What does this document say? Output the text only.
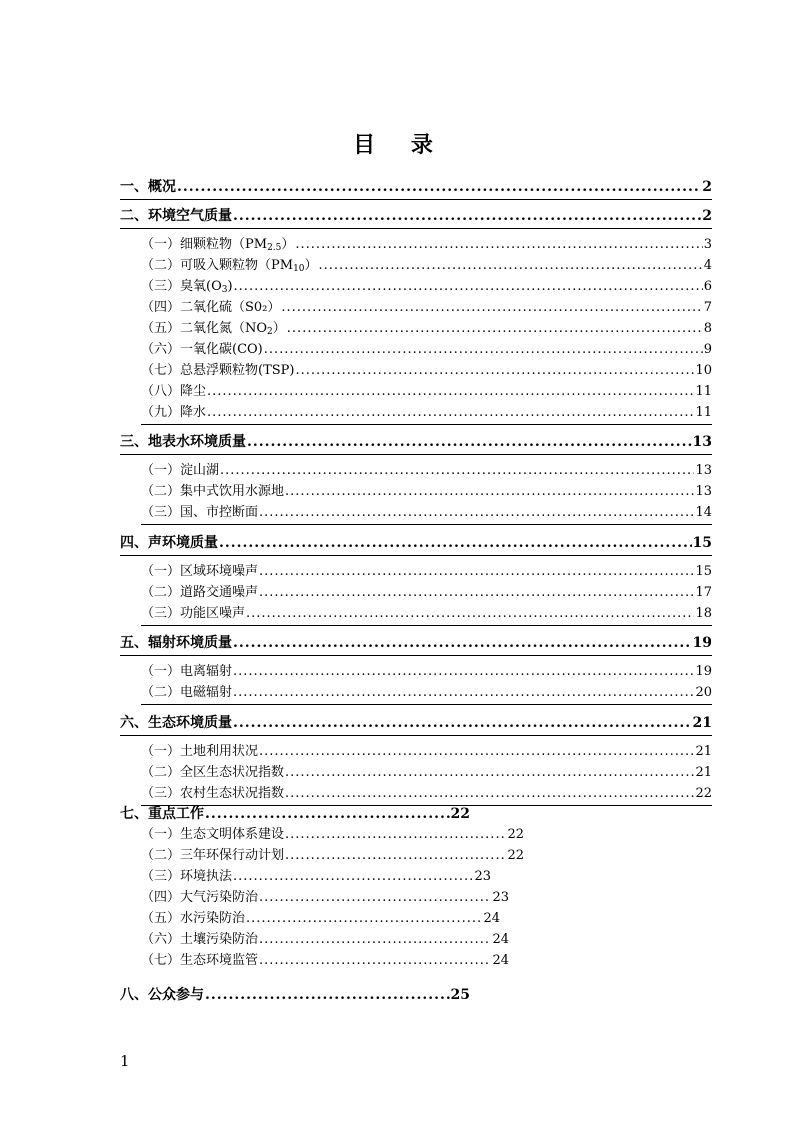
目 录
一、概况 .....	2
二、环境空气质量 .....	2
（一）细颗粒物$(PM_{2.5})$ .....	3
（二）可吸入颗粒物$(PM_{10})$ .....	4
（三）臭氧$(O_3)$ .....	6
（四）二氧化硫（S0₂） .....	7
（五）二氧化氮$(NO_2)$ .....	8
（六）一氧化碳(CO) .....	9
（七）总悬浮颗粒物(TSP) .....	10
（八）降尘 .....	11
（九）降水 .....	11
三、地表水环境质量 .....	13
（一）淀山湖 .....	13
（二）集中式饮用水源地 .....	13
（三）国、市控断面 .....	14
四、声环境质量 .....	15
（一）区域环境噪声 .....	15
（二）道路交通噪声 .....	17
（三）功能区噪声 .....	18
五、辐射环境质量 .....	19
（一）电离辐射 .....	19
（二）电磁辐射 .....	20
六、生态环境质量 .....	21
（一）土地利用状况 .....	21
（二）全区生态状况指数 .....	21
（三）农村生态状况指数 .....	22
七、重点工作 .....	22
（一）生态文明体系建设 .....	22
（二）三年环保行动计划 .....	22
（三）环境执法 .....	23
（四）大气污染防治 .....	23
（五）水污染防治 .....	24
（六）土壤污染防治 .....	24
（七）生态环境监管 .....	24
八、公众参与 .....	25
1
